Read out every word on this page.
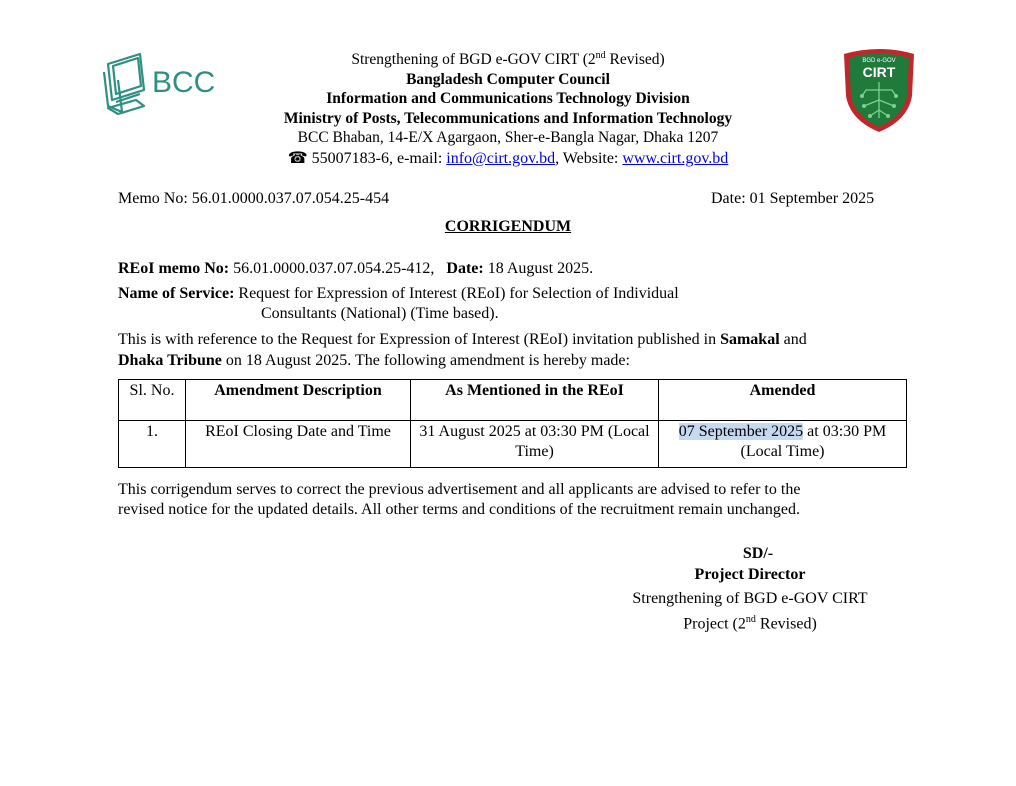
BCC
BGD e-GOV
CIRT
Strengthening of BGD e-GOV CIRT (2nd Revised)
Bangladesh Computer Council
Information and Communications Technology Division
Ministry of Posts, Telecommunications and Information Technology
BCC Bhaban, 14-E/X Agargaon, Sher-e-Bangla Nagar, Dhaka 1207
☎ 55007183-6, e-mail: info@cirt.gov.bd, Website: www.cirt.gov.bd
Memo No: 56.01.0000.037.07.054.25-454	Date: 01 September 2025
CORRIGENDUM
REoI memo No: 56.01.0000.037.07.054.25-412, Date: 18 August 2025.
Name of Service: Request for Expression of Interest (REoI) for Selection of Individual
Consultants (National) (Time based).
This is with reference to the Request for Expression of Interest (REoI) invitation published in Samakal and
Dhaka Tribune on 18 August 2025. The following amendment is hereby made:
Sl. No.	Amendment Description	As Mentioned in the REoI	Amended
1.	REoI Closing Date and Time	31 August 2025 at 03:30 PM (Local Time)	07 September 2025 at 03:30 PM (Local Time)
This corrigendum serves to correct the previous advertisement and all applicants are advised to refer to the
revised notice for the updated details. All other terms and conditions of the recruitment remain unchanged.
SD/-
Project Director
Strengthening of BGD e-GOV CIRT
Project (2nd Revised)
